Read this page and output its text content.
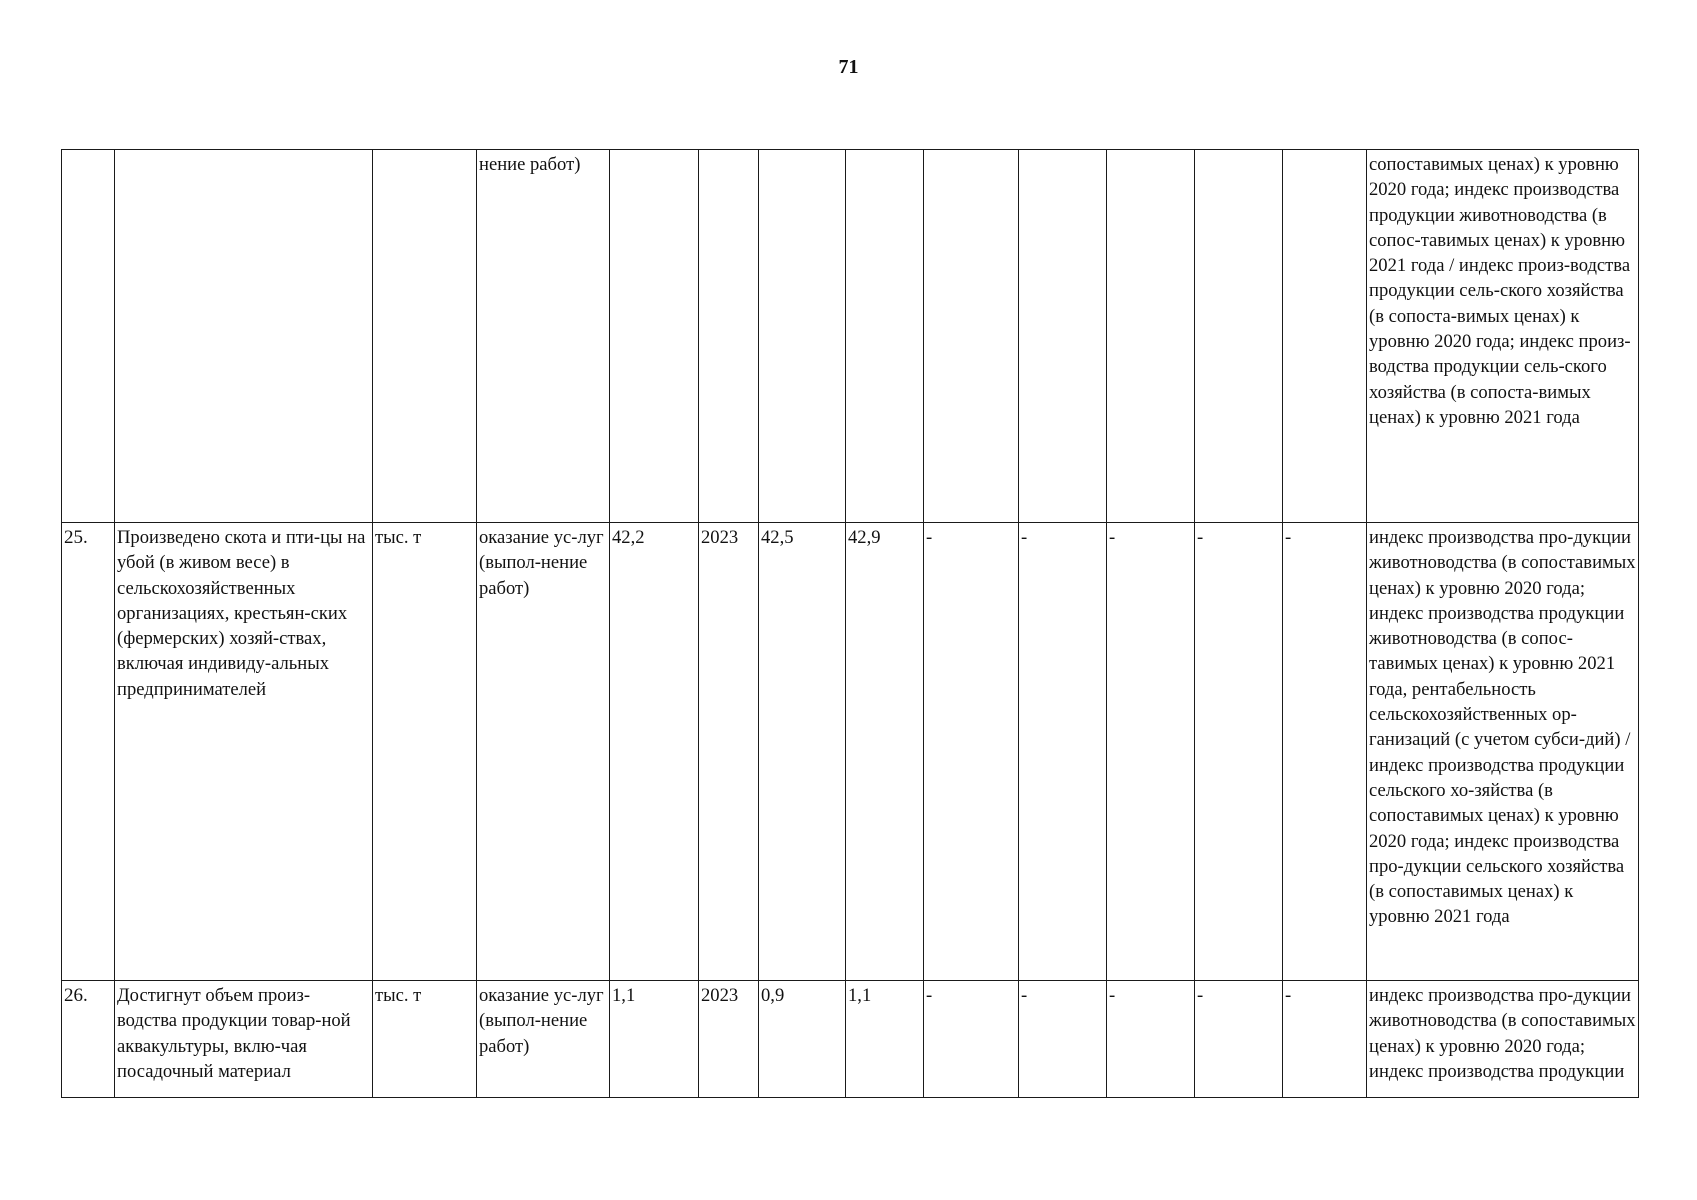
71
			нение работ)										сопоставимых ценах) к уровню 2020 года; индекс производства продукции животноводства (в сопос-тавимых ценах) к уровню 2021 года / индекс произ-водства продукции сель-ского хозяйства (в сопоста-вимых ценах) к уровню 2020 года; индекс произ-водства продукции сель-ского хозяйства (в сопоста-вимых ценах) к уровню 2021 года
25.	Произведено скота и пти-цы на убой (в живом весе) в сельскохозяйственных организациях, крестьян-ских (фермерских) хозяй-ствах, включая индивиду-альных предпринимателей	тыс. т	оказание ус-луг (выпол-нение работ)	42,2	2023	42,5	42,9	-	-	-	-	-	индекс производства про-дукции животноводства (в сопоставимых ценах) к уровню 2020 года; индекс производства продукции животноводства (в сопос-тавимых ценах) к уровню 2021 года, рентабельность сельскохозяйственных ор-ганизаций (с учетом субси-дий) / индекс производства продукции сельского хо-зяйства (в сопоставимых ценах) к уровню 2020 года; индекс производства про-дукции сельского хозяйства (в сопоставимых ценах) к уровню 2021 года
26.	Достигнут объем произ-водства продукции товар-ной аквакультуры, вклю-чая посадочный материал	тыс. т	оказание ус-луг (выпол-нение работ)	1,1	2023	0,9	1,1	-	-	-	-	-	индекс производства про-дукции животноводства (в сопоставимых ценах) к уровню 2020 года; индекс производства продукции
